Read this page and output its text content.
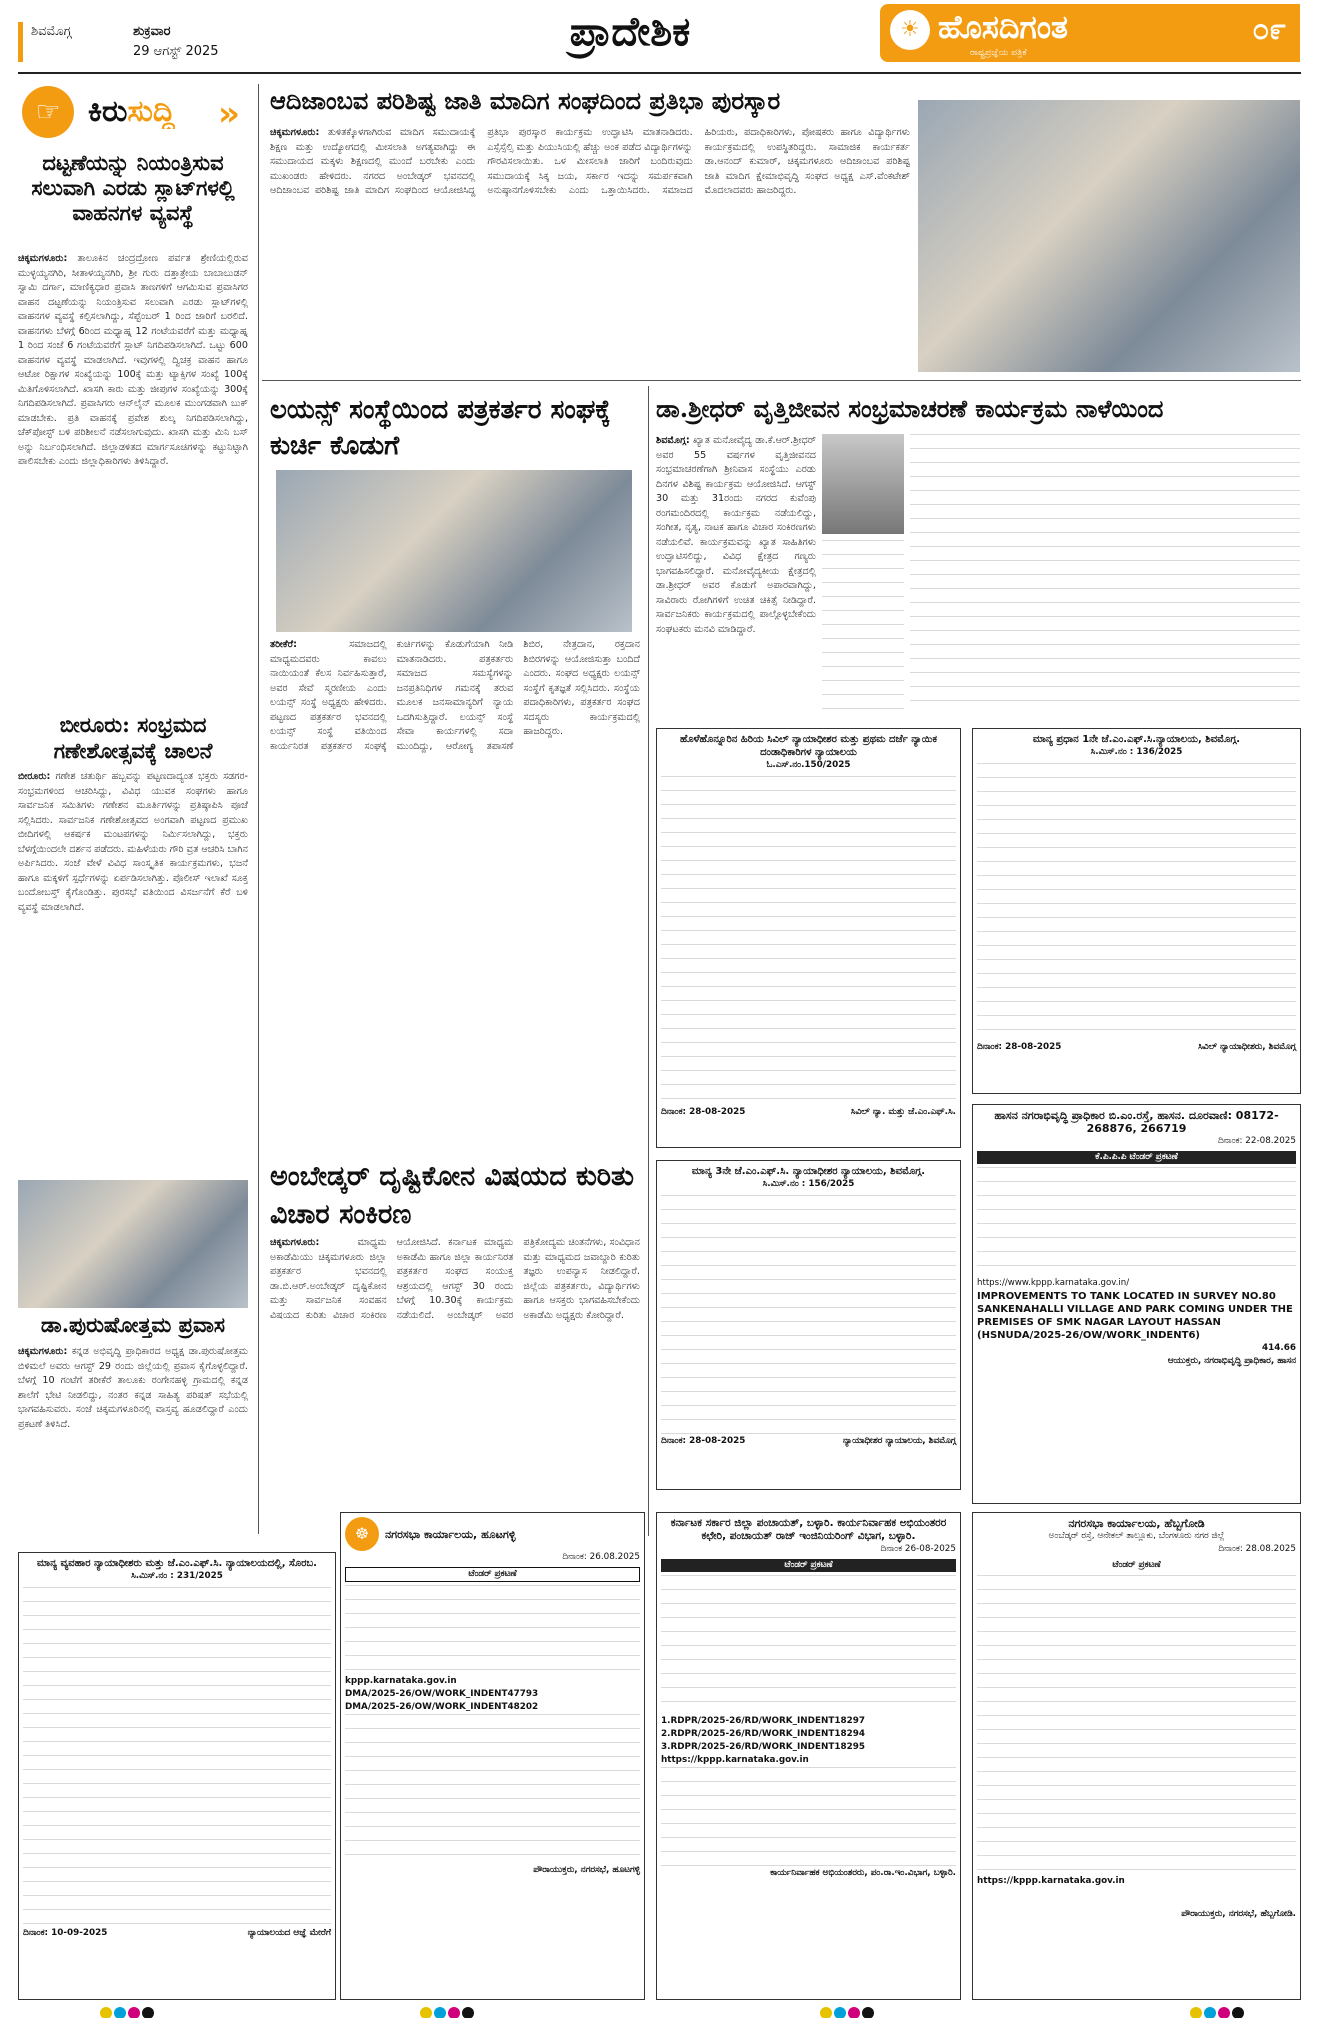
ಶಿವಮೊಗ್ಗ	ಶುಕ್ರವಾರ
29 ಆಗಸ್ಟ್ 2025	ಪ್ರಾದೇಶಿಕ	☀ ಹೊಸದಿಗಂತ
ರಾಷ್ಟ್ರಪ್ರಜ್ಞೆಯ ಪತ್ರಿಕೆ
೦೯
☞ ಕಿರುಸುದ್ದಿ »
ದಟ್ಟಣೆಯನ್ನು ನಿಯಂತ್ರಿಸುವ ಸಲುವಾಗಿ ಎರಡು ಸ್ಲಾಟ್‌ಗಳಲ್ಲಿ ವಾಹನಗಳ ವ್ಯವಸ್ಥೆ
ಚಿಕ್ಕಮಗಳೂರು: ತಾಲೂಕಿನ ಚಂದ್ರದ್ರೋಣ ಪರ್ವತ ಶ್ರೇಣಿಯಲ್ಲಿರುವ ಮುಳ್ಳಯ್ಯನಗಿರಿ, ಸೀತಾಳಯ್ಯನಗಿರಿ, ಶ್ರೀ ಗುರು ದತ್ತಾತ್ರೇಯ ಬಾಬಾಬುಡನ್ ಸ್ವಾಮಿ ದರ್ಗಾ, ಮಾಣಿಕ್ಯಧಾರ ಪ್ರವಾಸಿ ತಾಣಗಳಿಗೆ ಆಗಮಿಸುವ ಪ್ರವಾಸಿಗರ ವಾಹನ ದಟ್ಟಣೆಯನ್ನು ನಿಯಂತ್ರಿಸುವ ಸಲುವಾಗಿ ಎರಡು ಸ್ಲಾಟ್‌ಗಳಲ್ಲಿ ವಾಹನಗಳ ವ್ಯವಸ್ಥೆ ಕಲ್ಪಿಸಲಾಗಿದ್ದು, ಸೆಪ್ಟೆಂಬರ್ 1 ರಿಂದ ಜಾರಿಗೆ ಬರಲಿದೆ. ವಾಹನಗಳು ಬೆಳಗ್ಗೆ 6ರಿಂದ ಮಧ್ಯಾಹ್ನ 12 ಗಂಟೆಯವರೆಗೆ ಮತ್ತು ಮಧ್ಯಾಹ್ನ 1 ರಿಂದ ಸಂಜೆ 6 ಗಂಟೆಯವರೆಗೆ ಸ್ಲಾಟ್ ನಿಗದಿಪಡಿಸಲಾಗಿದೆ. ಒಟ್ಟು 600 ವಾಹನಗಳ ವ್ಯವಸ್ಥೆ ಮಾಡಲಾಗಿದೆ. ಇವುಗಳಲ್ಲಿ ದ್ವಿಚಕ್ರ ವಾಹನ ಹಾಗೂ ಆಟೋ ರಿಕ್ಷಾಗಳ ಸಂಖ್ಯೆಯನ್ನು 100ಕ್ಕೆ ಮತ್ತು ಟ್ಯಾಕ್ಸಿಗಳ ಸಂಖ್ಯೆ 100ಕ್ಕೆ ಮಿತಿಗೊಳಿಸಲಾಗಿದೆ. ಖಾಸಗಿ ಕಾರು ಮತ್ತು ಜೀಪುಗಳ ಸಂಖ್ಯೆಯನ್ನು 300ಕ್ಕೆ ನಿಗದಿಪಡಿಸಲಾಗಿದೆ. ಪ್ರವಾಸಿಗರು ಆನ್‌ಲೈನ್ ಮೂಲಕ ಮುಂಗಡವಾಗಿ ಬುಕ್ ಮಾಡಬೇಕು. ಪ್ರತಿ ವಾಹನಕ್ಕೆ ಪ್ರವೇಶ ಶುಲ್ಕ ನಿಗದಿಪಡಿಸಲಾಗಿದ್ದು, ಚೆಕ್‌ಪೋಸ್ಟ್ ಬಳಿ ಪರಿಶೀಲನೆ ನಡೆಸಲಾಗುವುದು. ಖಾಸಗಿ ಮತ್ತು ಮಿನಿ ಬಸ್ ಅನ್ನು ನಿರ್ಬಂಧಿಸಲಾಗಿದೆ. ಜಿಲ್ಲಾಡಳಿತದ ಮಾರ್ಗಸೂಚಿಗಳನ್ನು ಕಟ್ಟುನಿಟ್ಟಾಗಿ ಪಾಲಿಸಬೇಕು ಎಂದು ಜಿಲ್ಲಾಧಿಕಾರಿಗಳು ತಿಳಿಸಿದ್ದಾರೆ.
ಬೀರೂರು: ಸಂಭ್ರಮದ ಗಣೇಶೋತ್ಸವಕ್ಕೆ ಚಾಲನೆ
ಬೀರೂರು: ಗಣೇಶ ಚತುರ್ಥಿ ಹಬ್ಬವನ್ನು ಪಟ್ಟಣದಾದ್ಯಂತ ಭಕ್ತರು ಸಡಗರ-ಸಂಭ್ರಮಗಳಿಂದ ಆಚರಿಸಿದ್ದು, ವಿವಿಧ ಯುವಕ ಸಂಘಗಳು ಹಾಗೂ ಸಾರ್ವಜನಿಕ ಸಮಿತಿಗಳು ಗಣೇಶನ ಮೂರ್ತಿಗಳನ್ನು ಪ್ರತಿಷ್ಠಾಪಿಸಿ ಪೂಜೆ ಸಲ್ಲಿಸಿದರು. ಸಾರ್ವಜನಿಕ ಗಣೇಶೋತ್ಸವದ ಅಂಗವಾಗಿ ಪಟ್ಟಣದ ಪ್ರಮುಖ ಬೀದಿಗಳಲ್ಲಿ ಆಕರ್ಷಕ ಮಂಟಪಗಳನ್ನು ನಿರ್ಮಿಸಲಾಗಿದ್ದು, ಭಕ್ತರು ಬೆಳಗ್ಗೆಯಿಂದಲೇ ದರ್ಶನ ಪಡೆದರು. ಮಹಿಳೆಯರು ಗೌರಿ ವ್ರತ ಆಚರಿಸಿ ಬಾಗಿನ ಅರ್ಪಿಸಿದರು. ಸಂಜೆ ವೇಳೆ ವಿವಿಧ ಸಾಂಸ್ಕೃತಿಕ ಕಾರ್ಯಕ್ರಮಗಳು, ಭಜನೆ ಹಾಗೂ ಮಕ್ಕಳಿಗೆ ಸ್ಪರ್ಧೆಗಳನ್ನು ಏರ್ಪಡಿಸಲಾಗಿತ್ತು. ಪೊಲೀಸ್ ಇಲಾಖೆ ಸೂಕ್ತ ಬಂದೋಬಸ್ತ್ ಕೈಗೊಂಡಿತ್ತು. ಪುರಸಭೆ ವತಿಯಿಂದ ವಿಸರ್ಜನೆಗೆ ಕೆರೆ ಬಳಿ ವ್ಯವಸ್ಥೆ ಮಾಡಲಾಗಿದೆ.
ಡಾ.ಪುರುಷೋತ್ತಮ ಪ್ರವಾಸ
ಚಿಕ್ಕಮಗಳೂರು: ಕನ್ನಡ ಅಭಿವೃದ್ಧಿ ಪ್ರಾಧಿಕಾರದ ಅಧ್ಯಕ್ಷ ಡಾ.ಪುರುಷೋತ್ತಮ ಬಿಳಿಮಲೆ ಅವರು ಆಗಸ್ಟ್ 29 ರಂದು ಜಿಲ್ಲೆಯಲ್ಲಿ ಪ್ರವಾಸ ಕೈಗೊಳ್ಳಲಿದ್ದಾರೆ. ಬೆಳಗ್ಗೆ 10 ಗಂಟೆಗೆ ತರೀಕೆರೆ ತಾಲೂಕು ರಂಗೇನಹಳ್ಳಿ ಗ್ರಾಮದಲ್ಲಿ ಕನ್ನಡ ಶಾಲೆಗೆ ಭೇಟಿ ನೀಡಲಿದ್ದು, ನಂತರ ಕನ್ನಡ ಸಾಹಿತ್ಯ ಪರಿಷತ್ ಸಭೆಯಲ್ಲಿ ಭಾಗವಹಿಸುವರು. ಸಂಜೆ ಚಿಕ್ಕಮಗಳೂರಿನಲ್ಲಿ ವಾಸ್ತವ್ಯ ಹೂಡಲಿದ್ದಾರೆ ಎಂದು ಪ್ರಕಟಣೆ ತಿಳಿಸಿದೆ.
ಆದಿಜಾಂಬವ ಪರಿಶಿಷ್ಟ ಜಾತಿ ಮಾದಿಗ ಸಂಘದಿಂದ ಪ್ರತಿಭಾ ಪುರಸ್ಕಾರ
ಚಿಕ್ಕಮಗಳೂರು: ತುಳಿತಕ್ಕೊಳಗಾಗಿರುವ ಮಾದಿಗ ಸಮುದಾಯಕ್ಕೆ ಶಿಕ್ಷಣ ಮತ್ತು ಉದ್ಯೋಗದಲ್ಲಿ ಮೀಸಲಾತಿ ಅಗತ್ಯವಾಗಿದ್ದು ಈ ಸಮುದಾಯದ ಮಕ್ಕಳು ಶಿಕ್ಷಣದಲ್ಲಿ ಮುಂದೆ ಬರಬೇಕು ಎಂದು ಮುಖಂಡರು ಹೇಳಿದರು. ನಗರದ ಅಂಬೇಡ್ಕರ್ ಭವನದಲ್ಲಿ ಆದಿಜಾಂಬವ ಪರಿಶಿಷ್ಟ ಜಾತಿ ಮಾದಿಗ ಸಂಘದಿಂದ ಆಯೋಜಿಸಿದ್ದ ಪ್ರತಿಭಾ ಪುರಸ್ಕಾರ ಕಾರ್ಯಕ್ರಮ ಉದ್ಘಾಟಿಸಿ ಮಾತನಾಡಿದರು. ಎಸ್ಸೆಸ್ಸೆಲ್ಸಿ ಮತ್ತು ಪಿಯುಸಿಯಲ್ಲಿ ಹೆಚ್ಚು ಅಂಕ ಪಡೆದ ವಿದ್ಯಾರ್ಥಿಗಳನ್ನು ಗೌರವಿಸಲಾಯಿತು. ಒಳ ಮೀಸಲಾತಿ ಜಾರಿಗೆ ಬಂದಿರುವುದು ಸಮುದಾಯಕ್ಕೆ ಸಿಕ್ಕ ಜಯ, ಸರ್ಕಾರ ಇದನ್ನು ಸಮರ್ಪಕವಾಗಿ ಅನುಷ್ಠಾನಗೊಳಿಸಬೇಕು ಎಂದು ಒತ್ತಾಯಿಸಿದರು. ಸಮಾಜದ ಹಿರಿಯರು, ಪದಾಧಿಕಾರಿಗಳು, ಪೋಷಕರು ಹಾಗೂ ವಿದ್ಯಾರ್ಥಿಗಳು ಕಾರ್ಯಕ್ರಮದಲ್ಲಿ ಉಪಸ್ಥಿತರಿದ್ದರು. ಸಾಮಾಜಿಕ ಕಾರ್ಯಕರ್ತ ಡಾ.ಆನಂದ್ ಕುಮಾರ್, ಚಿಕ್ಕಮಗಳೂರು ಆದಿಜಾಂಬವ ಪರಿಶಿಷ್ಟ ಜಾತಿ ಮಾದಿಗ ಕ್ಷೇಮಾಭಿವೃದ್ಧಿ ಸಂಘದ ಅಧ್ಯಕ್ಷ ಎಸ್.ವೆಂಕಟೇಶ್ ಮೊದಲಾದವರು ಹಾಜರಿದ್ದರು.
ಲಯನ್ಸ್ ಸಂಸ್ಥೆಯಿಂದ ಪತ್ರಕರ್ತರ ಸಂಘಕ್ಕೆ ಕುರ್ಚಿ ಕೊಡುಗೆ
ತರೀಕೆರೆ:	ಸಮಾಜದಲ್ಲಿ ಮಾಧ್ಯಮದವರು ಕಾವಲು ನಾಯಿಯಂತೆ ಕೆಲಸ ನಿರ್ವಹಿಸುತ್ತಾರೆ, ಅವರ ಸೇವೆ ಸ್ಮರಣೀಯ ಎಂದು ಲಯನ್ಸ್ ಸಂಸ್ಥೆ ಅಧ್ಯಕ್ಷರು ಹೇಳಿದರು. ಪಟ್ಟಣದ ಪತ್ರಕರ್ತರ ಭವನದಲ್ಲಿ ಲಯನ್ಸ್ ಸಂಸ್ಥೆ ವತಿಯಿಂದ ಕಾರ್ಯನಿರತ ಪತ್ರಕರ್ತರ ಸಂಘಕ್ಕೆ ಕುರ್ಚಿಗಳನ್ನು ಕೊಡುಗೆಯಾಗಿ ನೀಡಿ ಮಾತನಾಡಿದರು. ಪತ್ರಕರ್ತರು ಸಮಾಜದ ಸಮಸ್ಯೆಗಳನ್ನು ಜನಪ್ರತಿನಿಧಿಗಳ ಗಮನಕ್ಕೆ ತರುವ ಮೂಲಕ ಜನಸಾಮಾನ್ಯರಿಗೆ ನ್ಯಾಯ ಒದಗಿಸುತ್ತಿದ್ದಾರೆ. ಲಯನ್ಸ್ ಸಂಸ್ಥೆ ಸೇವಾ ಕಾರ್ಯಗಳಲ್ಲಿ ಸದಾ ಮುಂದಿದ್ದು, ಆರೋಗ್ಯ ತಪಾಸಣೆ ಶಿಬಿರ, ನೇತ್ರದಾನ, ರಕ್ತದಾನ ಶಿಬಿರಗಳನ್ನು ಆಯೋಜಿಸುತ್ತಾ ಬಂದಿದೆ ಎಂದರು. ಸಂಘದ ಅಧ್ಯಕ್ಷರು ಲಯನ್ಸ್ ಸಂಸ್ಥೆಗೆ ಕೃತಜ್ಞತೆ ಸಲ್ಲಿಸಿದರು. ಸಂಸ್ಥೆಯ ಪದಾಧಿಕಾರಿಗಳು, ಪತ್ರಕರ್ತರ ಸಂಘದ ಸದಸ್ಯರು ಕಾರ್ಯಕ್ರಮದಲ್ಲಿ ಹಾಜರಿದ್ದರು.
ಡಾ.ಶ್ರೀಧರ್ ವೃತ್ತಿಜೀವನ ಸಂಭ್ರಮಾಚರಣೆ ಕಾರ್ಯಕ್ರಮ ನಾಳೆಯಿಂದ
ಶಿವಮೊಗ್ಗ: ಖ್ಯಾತ ಮನೋವೈದ್ಯ ಡಾ.ಕೆ.ಆರ್.ಶ್ರೀಧರ್ ಅವರ 55 ವರ್ಷಗಳ ವೃತ್ತಿಜೀವನದ ಸಂಭ್ರಮಾಚರಣೆಗಾಗಿ ಶ್ರೀನಿವಾಸ ಸಂಸ್ಥೆಯು ಎರಡು ದಿನಗಳ ವಿಶಿಷ್ಟ ಕಾರ್ಯಕ್ರಮ ಆಯೋಜಿಸಿದೆ. ಆಗಸ್ಟ್ 30 ಮತ್ತು 31ರಂದು ನಗರದ ಕುವೆಂಪು ರಂಗಮಂದಿರದಲ್ಲಿ ಕಾರ್ಯಕ್ರಮ ನಡೆಯಲಿದ್ದು, ಸಂಗೀತ, ನೃತ್ಯ, ನಾಟಕ ಹಾಗೂ ವಿಚಾರ ಸಂಕಿರಣಗಳು ನಡೆಯಲಿವೆ. ಕಾರ್ಯಕ್ರಮವನ್ನು ಖ್ಯಾತ ಸಾಹಿತಿಗಳು ಉದ್ಘಾಟಿಸಲಿದ್ದು, ವಿವಿಧ ಕ್ಷೇತ್ರದ ಗಣ್ಯರು ಭಾಗವಹಿಸಲಿದ್ದಾರೆ. ಮನೋವೈದ್ಯಕೀಯ ಕ್ಷೇತ್ರದಲ್ಲಿ ಡಾ.ಶ್ರೀಧರ್ ಅವರ ಕೊಡುಗೆ ಅಪಾರವಾಗಿದ್ದು, ಸಾವಿರಾರು ರೋಗಿಗಳಿಗೆ ಉಚಿತ ಚಿಕಿತ್ಸೆ ನೀಡಿದ್ದಾರೆ. ಸಾರ್ವಜನಿಕರು ಕಾರ್ಯಕ್ರಮದಲ್ಲಿ ಪಾಲ್ಗೊಳ್ಳಬೇಕೆಂದು ಸಂಘಟಕರು ಮನವಿ ಮಾಡಿದ್ದಾರೆ.
ಹೊಳೆಹೊನ್ನೂರಿನ ಹಿರಿಯ ಸಿವಿಲ್ ನ್ಯಾಯಾಧೀಶರ ಮತ್ತು ಪ್ರಥಮ ದರ್ಜೆ ನ್ಯಾಯಿಕ ದಂಡಾಧಿಕಾರಿಗಳ ನ್ಯಾಯಾಲಯ
ಓ.ಎಸ್.ನಂ.150/2025
ದಿನಾಂಕ: 28-08-2025	ಸಿವಿಲ್ ನ್ಯಾ. ಮತ್ತು ಜೆ.ಎಂ.ಎಫ್.ಸಿ.
ಮಾನ್ಯ ಪ್ರಧಾನ 1ನೇ ಜೆ.ಎಂ.ಎಫ್.ಸಿ.ನ್ಯಾಯಾಲಯ, ಶಿವಮೊಗ್ಗ.
ಸಿ.ಮಿಸ್.ನಂ : 136/2025
ದಿನಾಂಕ: 28-08-2025	ಸಿವಿಲ್ ನ್ಯಾಯಾಧೀಶರು, ಶಿವಮೊಗ್ಗ
ಅಂಬೇಡ್ಕರ್ ದೃಷ್ಟಿಕೋನ ವಿಷಯದ ಕುರಿತು ವಿಚಾರ ಸಂಕಿರಣ
ಚಿಕ್ಕಮಗಳೂರು:	ಮಾಧ್ಯಮ ಅಕಾಡೆಮಿಯು ಚಿಕ್ಕಮಗಳೂರು ಜಿಲ್ಲಾ ಪತ್ರಕರ್ತರ ಭವನದಲ್ಲಿ ಡಾ.ಬಿ.ಆರ್.ಅಂಬೇಡ್ಕರ್ ದೃಷ್ಟಿಕೋನ ಮತ್ತು ಸಾರ್ವಜನಿಕ ಸಂವಹನ ವಿಷಯದ ಕುರಿತು ವಿಚಾರ ಸಂಕಿರಣ ಆಯೋಜಿಸಿದೆ. ಕರ್ನಾಟಕ ಮಾಧ್ಯಮ ಅಕಾಡೆಮಿ ಹಾಗೂ ಜಿಲ್ಲಾ ಕಾರ್ಯನಿರತ ಪತ್ರಕರ್ತರ ಸಂಘದ ಸಂಯುಕ್ತ ಆಶ್ರಯದಲ್ಲಿ ಆಗಸ್ಟ್ 30 ರಂದು ಬೆಳಗ್ಗೆ 10.30ಕ್ಕೆ ಕಾರ್ಯಕ್ರಮ ನಡೆಯಲಿದೆ. ಅಂಬೇಡ್ಕರ್ ಅವರ ಪತ್ರಿಕೋದ್ಯಮ ಚಿಂತನೆಗಳು, ಸಂವಿಧಾನ ಮತ್ತು ಮಾಧ್ಯಮದ ಜವಾಬ್ದಾರಿ ಕುರಿತು ತಜ್ಞರು ಉಪನ್ಯಾಸ ನೀಡಲಿದ್ದಾರೆ. ಜಿಲ್ಲೆಯ ಪತ್ರಕರ್ತರು, ವಿದ್ಯಾರ್ಥಿಗಳು ಹಾಗೂ ಆಸಕ್ತರು ಭಾಗವಹಿಸಬೇಕೆಂದು ಅಕಾಡೆಮಿ ಅಧ್ಯಕ್ಷರು ಕೋರಿದ್ದಾರೆ.
ಮಾನ್ಯ 3ನೇ ಜೆ.ಎಂ.ಎಫ್.ಸಿ. ನ್ಯಾಯಾಧೀಶರ ನ್ಯಾಯಾಲಯ, ಶಿವಮೊಗ್ಗ.
ಸಿ.ಮಿಸ್.ನಂ : 156/2025
ದಿನಾಂಕ: 28-08-2025	ನ್ಯಾಯಾಧೀಶರ ನ್ಯಾಯಾಲಯ, ಶಿವಮೊಗ್ಗ
ಹಾಸನ ನಗರಾಭಿವೃದ್ಧಿ ಪ್ರಾಧಿಕಾರ ಬಿ.ಎಂ.ರಸ್ತೆ, ಹಾಸನ. ದೂರವಾಣಿ: 08172-268876, 266719
ದಿನಾಂಕ: 22-08.2025
ಕೆ.ಪಿ.ಪಿ.ಪಿ ಟೆಂಡರ್ ಪ್ರಕಟಣೆ
https://www.kppp.karnataka.gov.in/
IMPROVEMENTS TO TANK LOCATED IN SURVEY NO.80 SANKENAHALLI VILLAGE AND PARK COMING UNDER THE PREMISES OF SMK NAGAR LAYOUT HASSAN (HSNUDA/2025-26/OW/WORK_INDENT6)
414.66
ಆಯುಕ್ತರು, ನಗರಾಭಿವೃದ್ಧಿ ಪ್ರಾಧಿಕಾರ, ಹಾಸನ
ಮಾನ್ಯ ವ್ಯವಹಾರ ನ್ಯಾಯಾಧೀಶರು ಮತ್ತು ಜೆ.ಎಂ.ಎಫ್.ಸಿ. ನ್ಯಾಯಾಲಯದಲ್ಲಿ, ಸೊರಬ.
ಸಿ.ಮಿಸ್.ನಂ : 231/2025
ದಿನಾಂಕ: 10-09-2025	ನ್ಯಾಯಾಲಯದ ಆಜ್ಞೆ ಮೇರೆಗೆ
☸	ನಗರಸಭಾ ಕಾರ್ಯಾಲಯ, ಹೂಟಗಳ್ಳಿ
ದಿನಾಂಕ: 26.08.2025
ಟೆಂಡರ್ ಪ್ರಕಟಣೆ
kppp.karnataka.gov.in
DMA/2025-26/OW/WORK_INDENT47793
DMA/2025-26/OW/WORK_INDENT48202
ಪೌರಾಯುಕ್ತರು, ನಗರಸಭೆ, ಹೂಟಗಳ್ಳಿ
ಕರ್ನಾಟಕ ಸರ್ಕಾರ ಜಿಲ್ಲಾ ಪಂಚಾಯತ್, ಬಳ್ಳಾರಿ. ಕಾರ್ಯನಿರ್ವಾಹಕ ಅಭಿಯಂತರರ ಕಛೇರಿ, ಪಂಚಾಯತ್ ರಾಜ್ ಇಂಜಿನಿಯರಿಂಗ್ ವಿಭಾಗ, ಬಳ್ಳಾರಿ.
ದಿನಾಂಕ 26-08-2025
ಟೆಂಡರ್ ಪ್ರಕಟಣೆ
1.RDPR/2025-26/RD/WORK_INDENT18297
2.RDPR/2025-26/RD/WORK_INDENT18294
3.RDPR/2025-26/RD/WORK_INDENT18295
https://kppp.karnataka.gov.in
ಕಾರ್ಯನಿರ್ವಾಹಕ ಅಭಿಯಂತರರು, ಪಂ.ರಾ.ಇಂ.ವಿಭಾಗ, ಬಳ್ಳಾರಿ.
ನಗರಸಭಾ ಕಾರ್ಯಾಲಯ, ಹೆಬ್ಬಗೋಡಿ
ಅಂಬೆಡ್ಕರ್ ರಸ್ತೆ, ಆನೇಕಲ್ ತಾಲ್ಲೂಕು, ಬೆಂಗಳೂರು ನಗರ ಜಿಲ್ಲೆ
ದಿನಾಂಕ: 28.08.2025
ಟೆಂಡರ್ ಪ್ರಕಟಣೆ
https://kppp.karnataka.gov.in
ಪೌರಾಯುಕ್ತರು, ನಗರಸಭೆ, ಹೆಬ್ಬಗೋಡಿ.
